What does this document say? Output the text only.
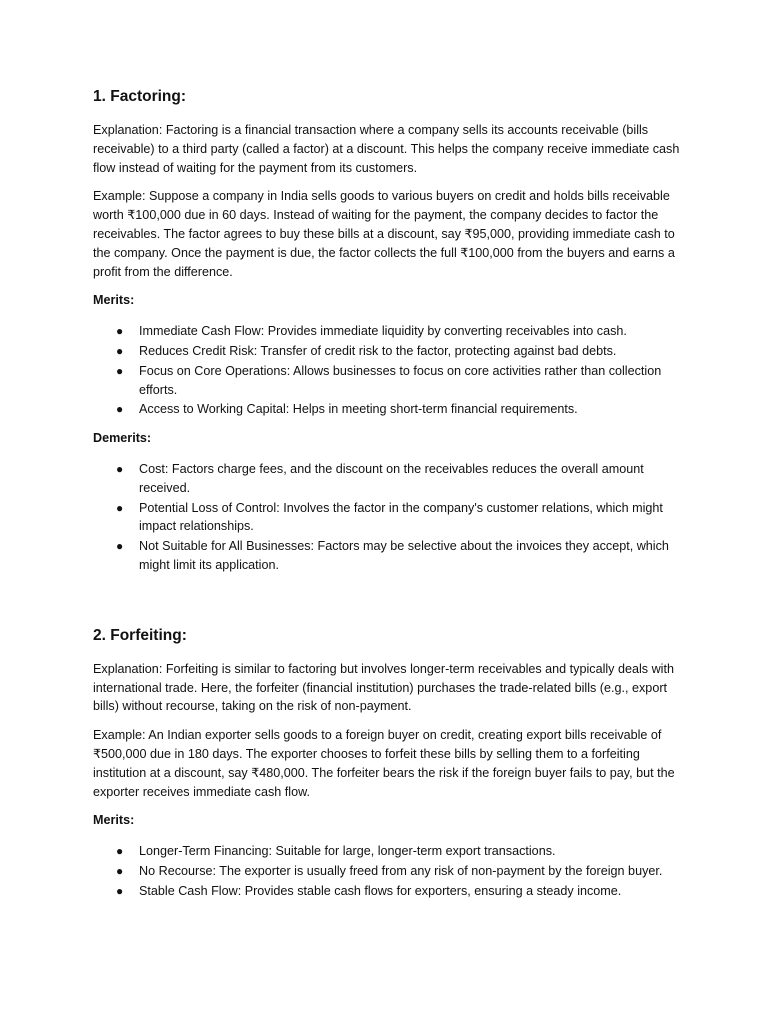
1. Factoring:

Explanation: Factoring is a financial transaction where a company sells its accounts receivable (bills receivable) to a third party (called a factor) at a discount. This helps the company receive immediate cash flow instead of waiting for the payment from its customers.

Example: Suppose a company in India sells goods to various buyers on credit and holds bills receivable worth ₹100,000 due in 60 days. Instead of waiting for the payment, the company decides to factor the receivables. The factor agrees to buy these bills at a discount, say ₹95,000, providing immediate cash to the company. Once the payment is due, the factor collects the full ₹100,000 from the buyers and earns a profit from the difference.

Merits:
● Immediate Cash Flow: Provides immediate liquidity by converting receivables into cash.
● Reduces Credit Risk: Transfer of credit risk to the factor, protecting against bad debts.
● Focus on Core Operations: Allows businesses to focus on core activities rather than collection efforts.
● Access to Working Capital: Helps in meeting short-term financial requirements.
Demerits:
● Cost: Factors charge fees, and the discount on the receivables reduces the overall amount received.
● Potential Loss of Control: Involves the factor in the company's customer relations, which might impact relationships.
● Not Suitable for All Businesses: Factors may be selective about the invoices they accept, which might limit its application.
2. Forfeiting:

Explanation: Forfeiting is similar to factoring but involves longer-term receivables and typically deals with international trade. Here, the forfeiter (financial institution) purchases the trade-related bills (e.g., export bills) without recourse, taking on the risk of non-payment.

Example: An Indian exporter sells goods to a foreign buyer on credit, creating export bills receivable of ₹500,000 due in 180 days. The exporter chooses to forfeit these bills by selling them to a forfeiting institution at a discount, say ₹480,000. The forfeiter bears the risk if the foreign buyer fails to pay, but the exporter receives immediate cash flow.

Merits:
● Longer-Term Financing: Suitable for large, longer-term export transactions.
● No Recourse: The exporter is usually freed from any risk of non-payment by the foreign buyer.
● Stable Cash Flow: Provides stable cash flows for exporters, ensuring a steady income.
